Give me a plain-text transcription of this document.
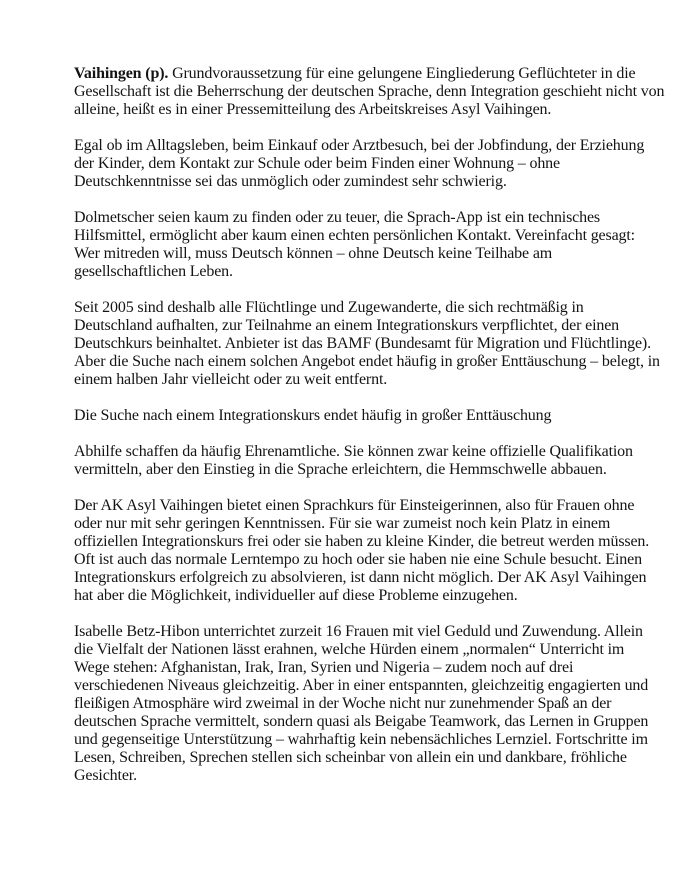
Vaihingen (p). Grundvoraussetzung für eine gelungene Eingliederung Geflüchteter in die
Gesellschaft ist die Beherrschung der deutschen Sprache, denn Integration geschieht nicht von
alleine, heißt es in einer Pressemitteilung des Arbeitskreises Asyl Vaihingen.

Egal ob im Alltagsleben, beim Einkauf oder Arztbesuch, bei der Jobfindung, der Erziehung
der Kinder, dem Kontakt zur Schule oder beim Finden einer Wohnung – ohne
Deutschkenntnisse sei das unmöglich oder zumindest sehr schwierig.

Dolmetscher seien kaum zu finden oder zu teuer, die Sprach-App ist ein technisches
Hilfsmittel, ermöglicht aber kaum einen echten persönlichen Kontakt. Vereinfacht gesagt:
Wer mitreden will, muss Deutsch können – ohne Deutsch keine Teilhabe am
gesellschaftlichen Leben.

Seit 2005 sind deshalb alle Flüchtlinge und Zugewanderte, die sich rechtmäßig in
Deutschland aufhalten, zur Teilnahme an einem Integrationskurs verpflichtet, der einen
Deutschkurs beinhaltet. Anbieter ist das BAMF (Bundesamt für Migration und Flüchtlinge).
Aber die Suche nach einem solchen Angebot endet häufig in großer Enttäuschung – belegt, in
einem halben Jahr vielleicht oder zu weit entfernt.

Die Suche nach einem Integrationskurs endet häufig in großer Enttäuschung

Abhilfe schaffen da häufig Ehrenamtliche. Sie können zwar keine offizielle Qualifikation
vermitteln, aber den Einstieg in die Sprache erleichtern, die Hemmschwelle abbauen.

Der AK Asyl Vaihingen bietet einen Sprachkurs für Einsteigerinnen, also für Frauen ohne
oder nur mit sehr geringen Kenntnissen. Für sie war zumeist noch kein Platz in einem
offiziellen Integrationskurs frei oder sie haben zu kleine Kinder, die betreut werden müssen.
Oft ist auch das normale Lerntempo zu hoch oder sie haben nie eine Schule besucht. Einen
Integrationskurs erfolgreich zu absolvieren, ist dann nicht möglich. Der AK Asyl Vaihingen
hat aber die Möglichkeit, individueller auf diese Probleme einzugehen.

Isabelle Betz-Hibon unterrichtet zurzeit 16 Frauen mit viel Geduld und Zuwendung. Allein
die Vielfalt der Nationen lässt erahnen, welche Hürden einem „normalen“ Unterricht im
Wege stehen: Afghanistan, Irak, Iran, Syrien und Nigeria – zudem noch auf drei
verschiedenen Niveaus gleichzeitig. Aber in einer entspannten, gleichzeitig engagierten und
fleißigen Atmosphäre wird zweimal in der Woche nicht nur zunehmender Spaß an der
deutschen Sprache vermittelt, sondern quasi als Beigabe Teamwork, das Lernen in Gruppen
und gegenseitige Unterstützung – wahrhaftig kein nebensächliches Lernziel. Fortschritte im
Lesen, Schreiben, Sprechen stellen sich scheinbar von allein ein und dankbare, fröhliche
Gesichter.
